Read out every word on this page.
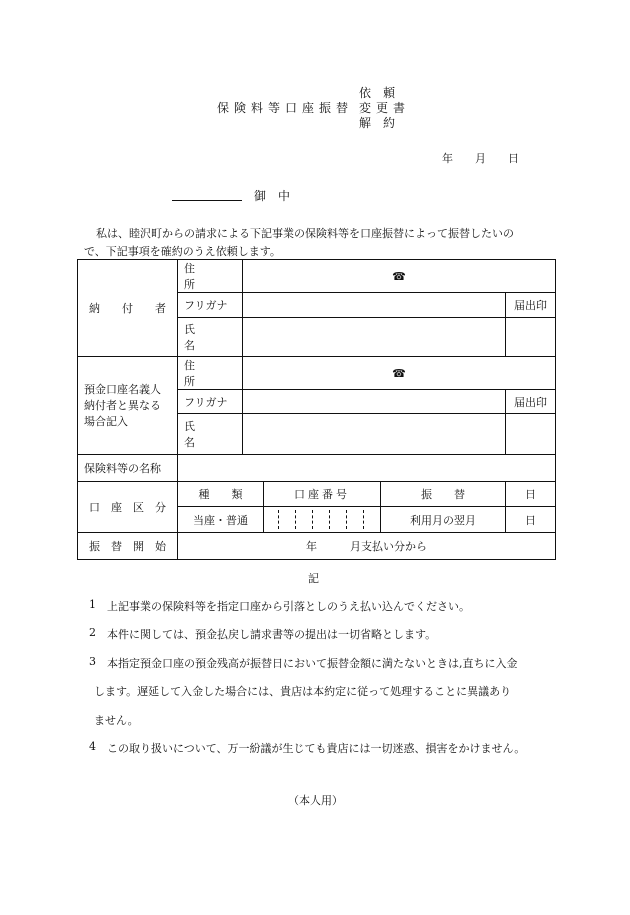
依　頼
保険料等口座振替 変更書
解　約
年　　月　　日
御　中
私は、睦沢町からの請求による下記事業の保険料等を口座振替によって振替したいの
で、下記事項を確約のうえ依頼します。
納　　付　　者	住　　所	☎			
	フリガナ				届出印
	氏　　名				

預金口座名義人
納付者と異なる
場合記入	住　　所	☎			
	フリガナ				届出印
	氏　　名				
保険料等の名称					
口　座　区　分	種　　類		口座番号	振　　替	日
	当座・普通			利用月の翌月	日
振　替　開　始	年　　　月支払い分から				
記
1 上記事業の保険料等を指定口座から引落としのうえ払い込んでください。
2 本件に関しては、預金払戻し請求書等の提出は一切省略とします。
3 本指定預金口座の預金残高が振替日において振替金額に満たないときは,直ちに入金
します。遅延して入金した場合には、貴店は本約定に従って処理することに異議あり
ません。
4 この取り扱いについて、万一紛議が生じても貴店には一切迷惑、損害をかけません。
（本人用）
